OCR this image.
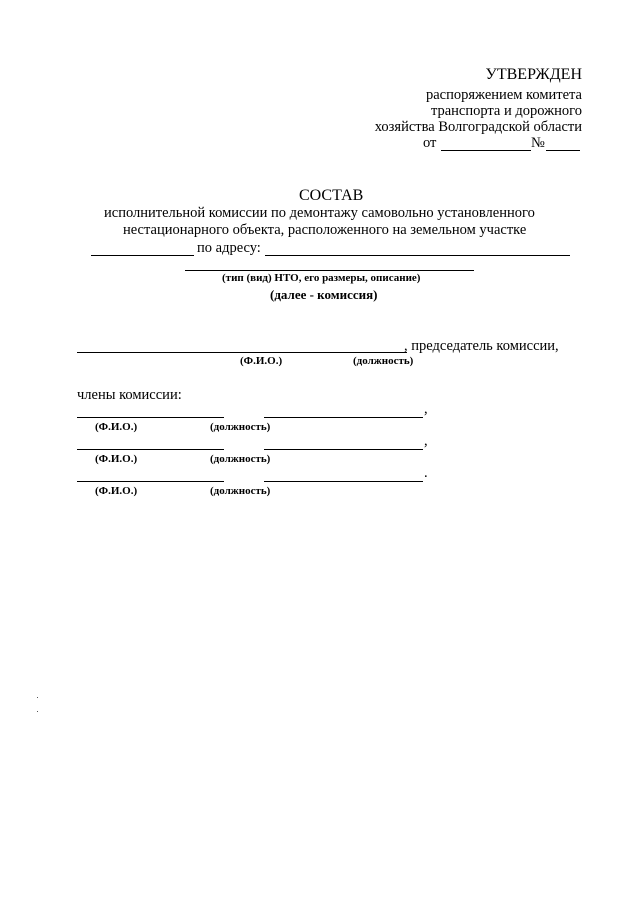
УТВЕРЖДЕН
распоряжением комитета
транспорта и дорожного
хозяйства Волгоградской области
от	№
СОСТАВ
исполнительной комиссии по демонтажу самовольно установленного
нестационарного объекта, расположенного на земельном участке
по адресу:
(тип (вид) НТО, его размеры, описание)
(далее - комиссия)
, председатель комиссии,
(Ф.И.О.)	(должность)
члены комиссии:
,
(Ф.И.О.)	(должность)
,
(Ф.И.О.)	(должность)
.
(Ф.И.О.)	(должность)
